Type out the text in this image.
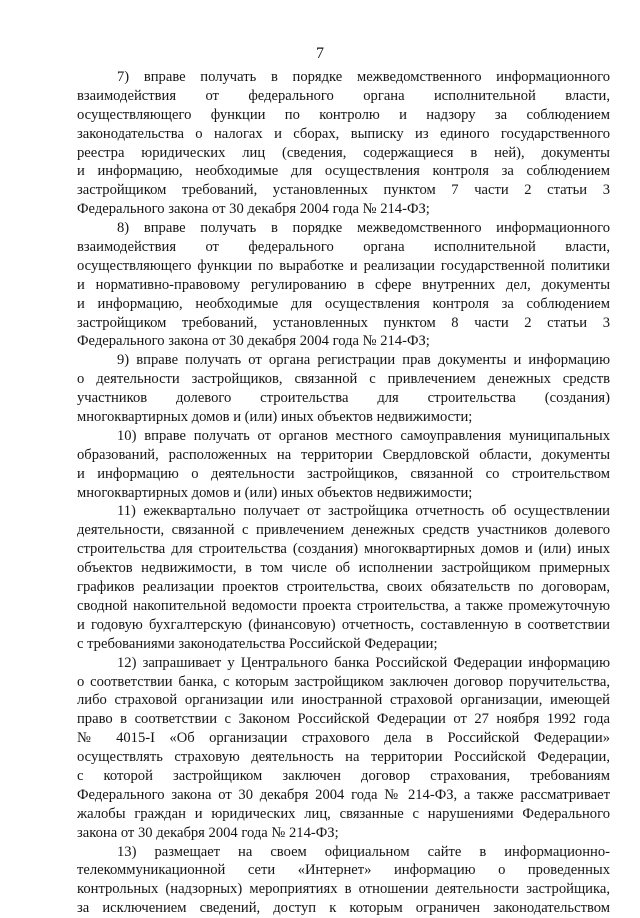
7
7) вправе получать в порядке межведомственного информационного
взаимодействия от федерального органа исполнительной власти,
осуществляющего функции по контролю и надзору за соблюдением
законодательства о налогах и сборах, выписку из единого государственного
реестра юридических лиц (сведения, содержащиеся в ней), документы
и информацию, необходимые для осуществления контроля за соблюдением
застройщиком требований, установленных пунктом 7 части 2 статьи 3
Федерального закона от 30 декабря 2004 года № 214-ФЗ;
8) вправе получать в порядке межведомственного информационного
взаимодействия от федерального органа исполнительной власти,
осуществляющего функции по выработке и реализации государственной политики
и нормативно-правовому регулированию в сфере внутренних дел, документы
и информацию, необходимые для осуществления контроля за соблюдением
застройщиком требований, установленных пунктом 8 части 2 статьи 3
Федерального закона от 30 декабря 2004 года № 214-ФЗ;
9) вправе получать от органа регистрации прав документы и информацию
о деятельности застройщиков, связанной с привлечением денежных средств
участников долевого строительства для строительства (создания)
многоквартирных домов и (или) иных объектов недвижимости;
10) вправе получать от органов местного самоуправления муниципальных
образований, расположенных на территории Свердловской области, документы
и информацию о деятельности застройщиков, связанной со строительством
многоквартирных домов и (или) иных объектов недвижимости;
11) ежеквартально получает от застройщика отчетность об осуществлении
деятельности, связанной с привлечением денежных средств участников долевого
строительства для строительства (создания) многоквартирных домов и (или) иных
объектов недвижимости, в том числе об исполнении застройщиком примерных
графиков реализации проектов строительства, своих обязательств по договорам,
сводной накопительной ведомости проекта строительства, а также промежуточную
и годовую бухгалтерскую (финансовую) отчетность, составленную в соответствии
с требованиями законодательства Российской Федерации;
12) запрашивает у Центрального банка Российской Федерации информацию
о соответствии банка, с которым застройщиком заключен договор поручительства,
либо страховой организации или иностранной страховой организации, имеющей
право в соответствии с Законом Российской Федерации от 27 ноября 1992 года
№ 4015-I «Об организации страхового дела в Российской Федерации»
осуществлять страховую деятельность на территории Российской Федерации,
с которой застройщиком заключен договор страхования, требованиям
Федерального закона от 30 декабря 2004 года № 214-ФЗ, а также рассматривает
жалобы граждан и юридических лиц, связанные с нарушениями Федерального
закона от 30 декабря 2004 года № 214-ФЗ;
13) размещает на своем официальном сайте в информационно-
телекоммуникационной сети «Интернет» информацию о проведенных
контрольных (надзорных) мероприятиях в отношении деятельности застройщика,
за исключением сведений, доступ к которым ограничен законодательством
